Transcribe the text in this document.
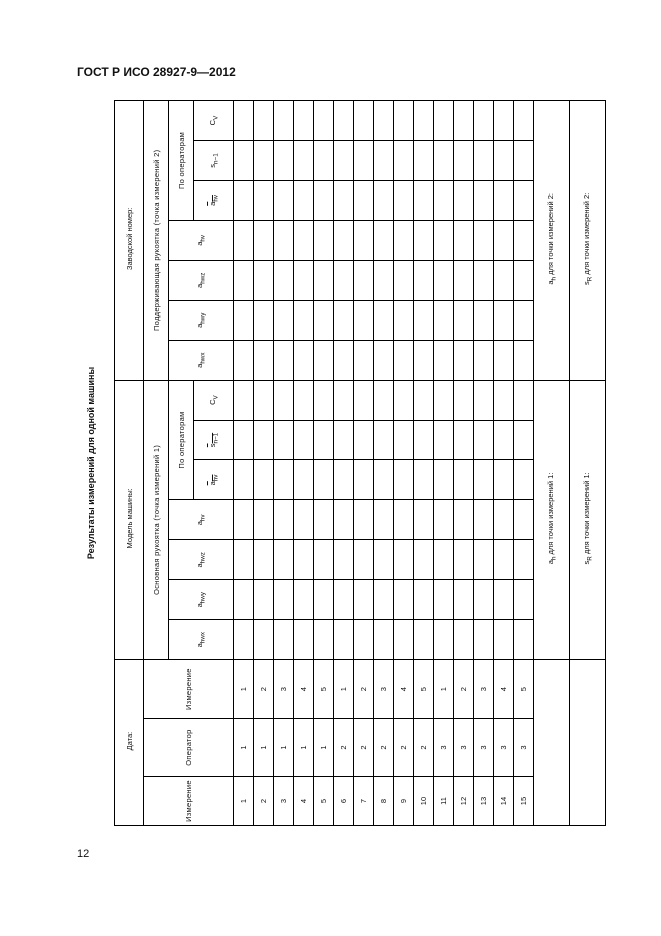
ГОСТ Р ИСО 28927-9—2012
Результаты измерений для одной машины
Дата:			Модель машины:							Заводской номер:						
Измерение	Оператор	Измерение	Основная рукоятка (точка измерений 1)							Поддерживающая рукоятка (точка измерений 2)						
			$a_{hwx}$	$a_{hwy}$	$a_{hwz}$	$a_{hv}$	По операторам			$a_{hwx}$	$a_{hwy}$	$a_{hwz}$	$a_{hv}$	По операторам		
							$a_{hv}$	$s_{n-1}$	$C_V$					$a_{hv}$	$s_{n-1}$	$C_V$
1	1	1														
2	1	2														
3	1	3														
4	1	4														
5	1	5														
6	2	1														
7	2	2														
8	2	3														
9	2	4														
10	2	5														
11	3	1														
12	3	2														
13	3	3														
14	3	4														
15	3	5														
			$a_h$ для точки измерений 1:							$a_h$ для точки измерений 2:						
			$s_R$ для точки измерений 1:							$s_R$ для точки измерений 2:						
12
